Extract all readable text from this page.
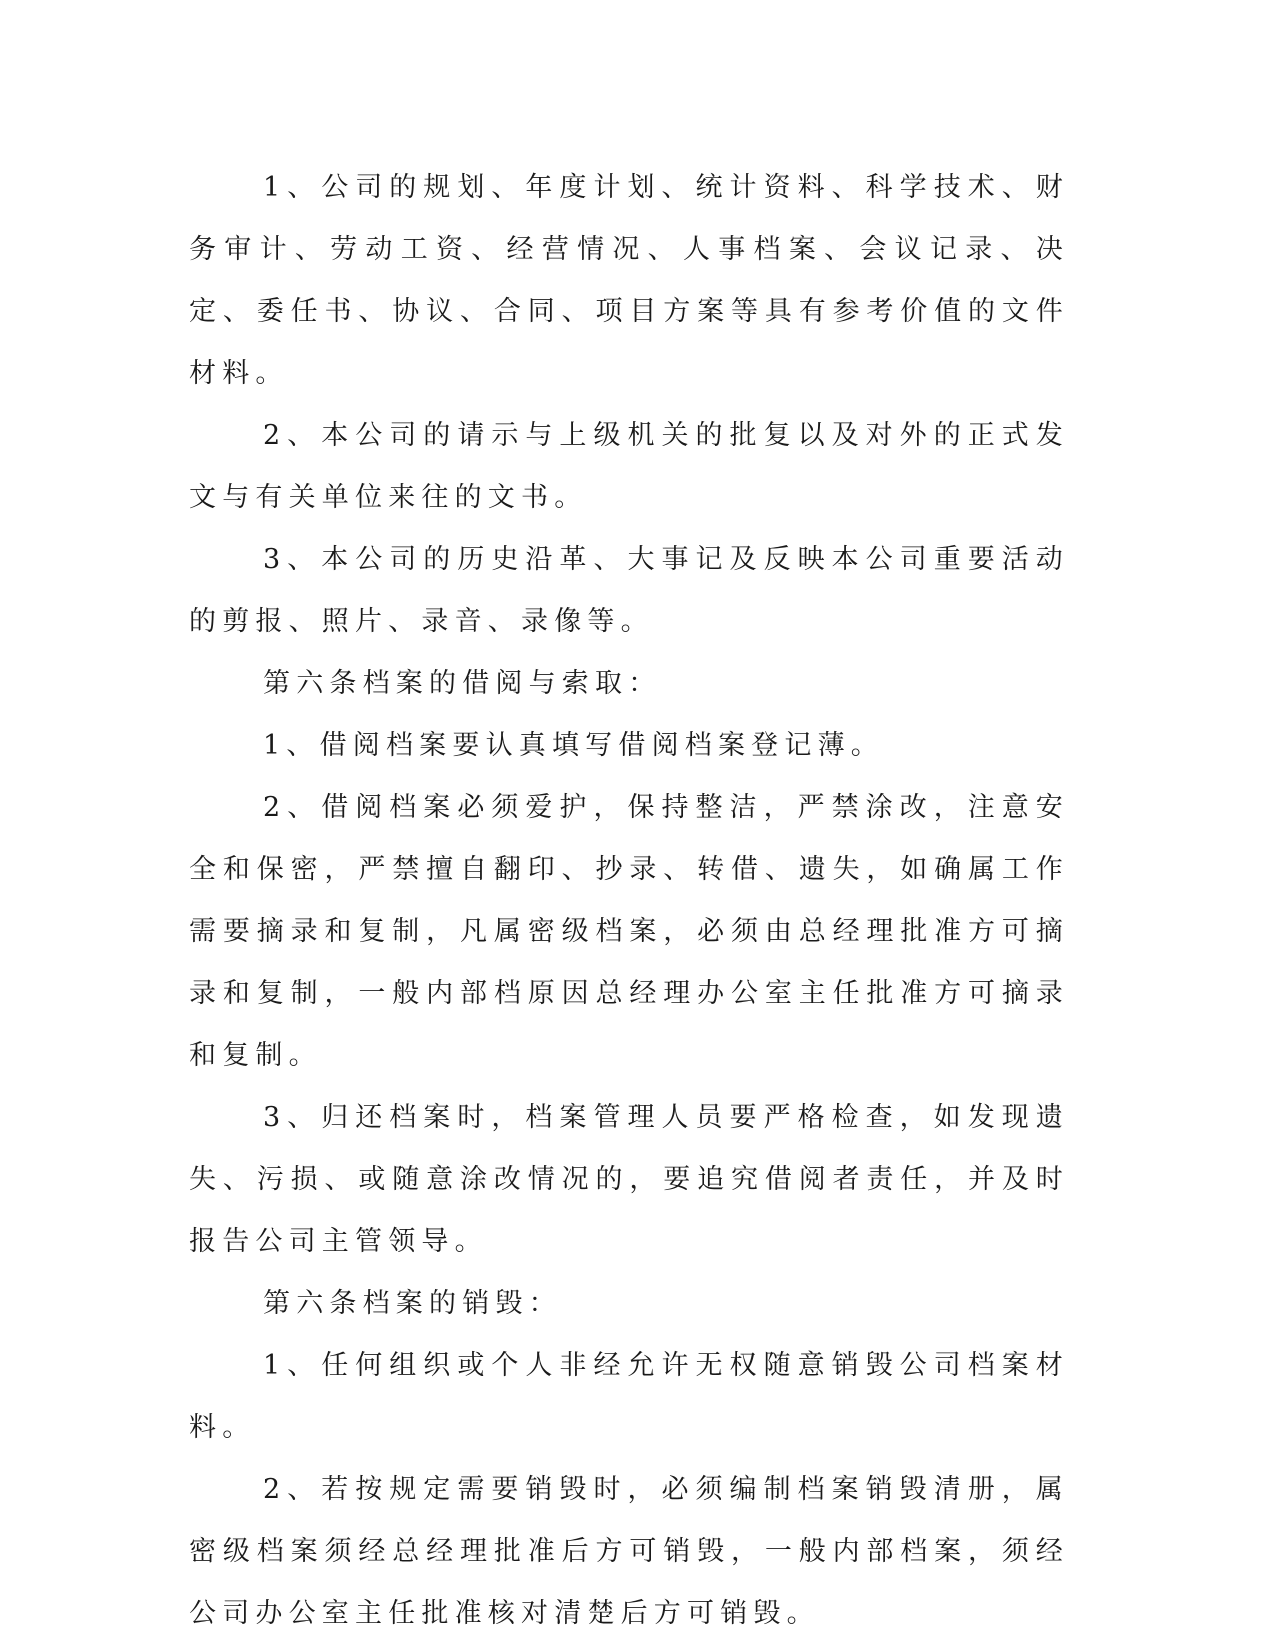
1、公司的规划、年度计划、统计资料、科学技术、财务审计、劳动工资、经营情况、人事档案、会议记录、决定、委任书、协议、合同、项目方案等具有参考价值的文件材料。

2、本公司的请示与上级机关的批复以及对外的正式发文与有关单位来往的文书。

3、本公司的历史沿革、大事记及反映本公司重要活动的剪报、照片、录音、录像等。

第六条档案的借阅与索取：

1、借阅档案要认真填写借阅档案登记薄。

2、借阅档案必须爱护，保持整洁，严禁涂改，注意安全和保密，严禁擅自翻印、抄录、转借、遗失，如确属工作需要摘录和复制，凡属密级档案，必须由总经理批准方可摘录和复制，一般内部档原因总经理办公室主任批准方可摘录和复制。

3、归还档案时，档案管理人员要严格检查，如发现遗失、污损、或随意涂改情况的，要追究借阅者责任，并及时报告公司主管领导。

第六条档案的销毁：

1、任何组织或个人非经允许无权随意销毁公司档案材料。

2、若按规定需要销毁时，必须编制档案销毁清册，属密级档案须经总经理批准后方可销毁，一般内部档案，须经公司办公室主任批准核对清楚后方可销毁。
